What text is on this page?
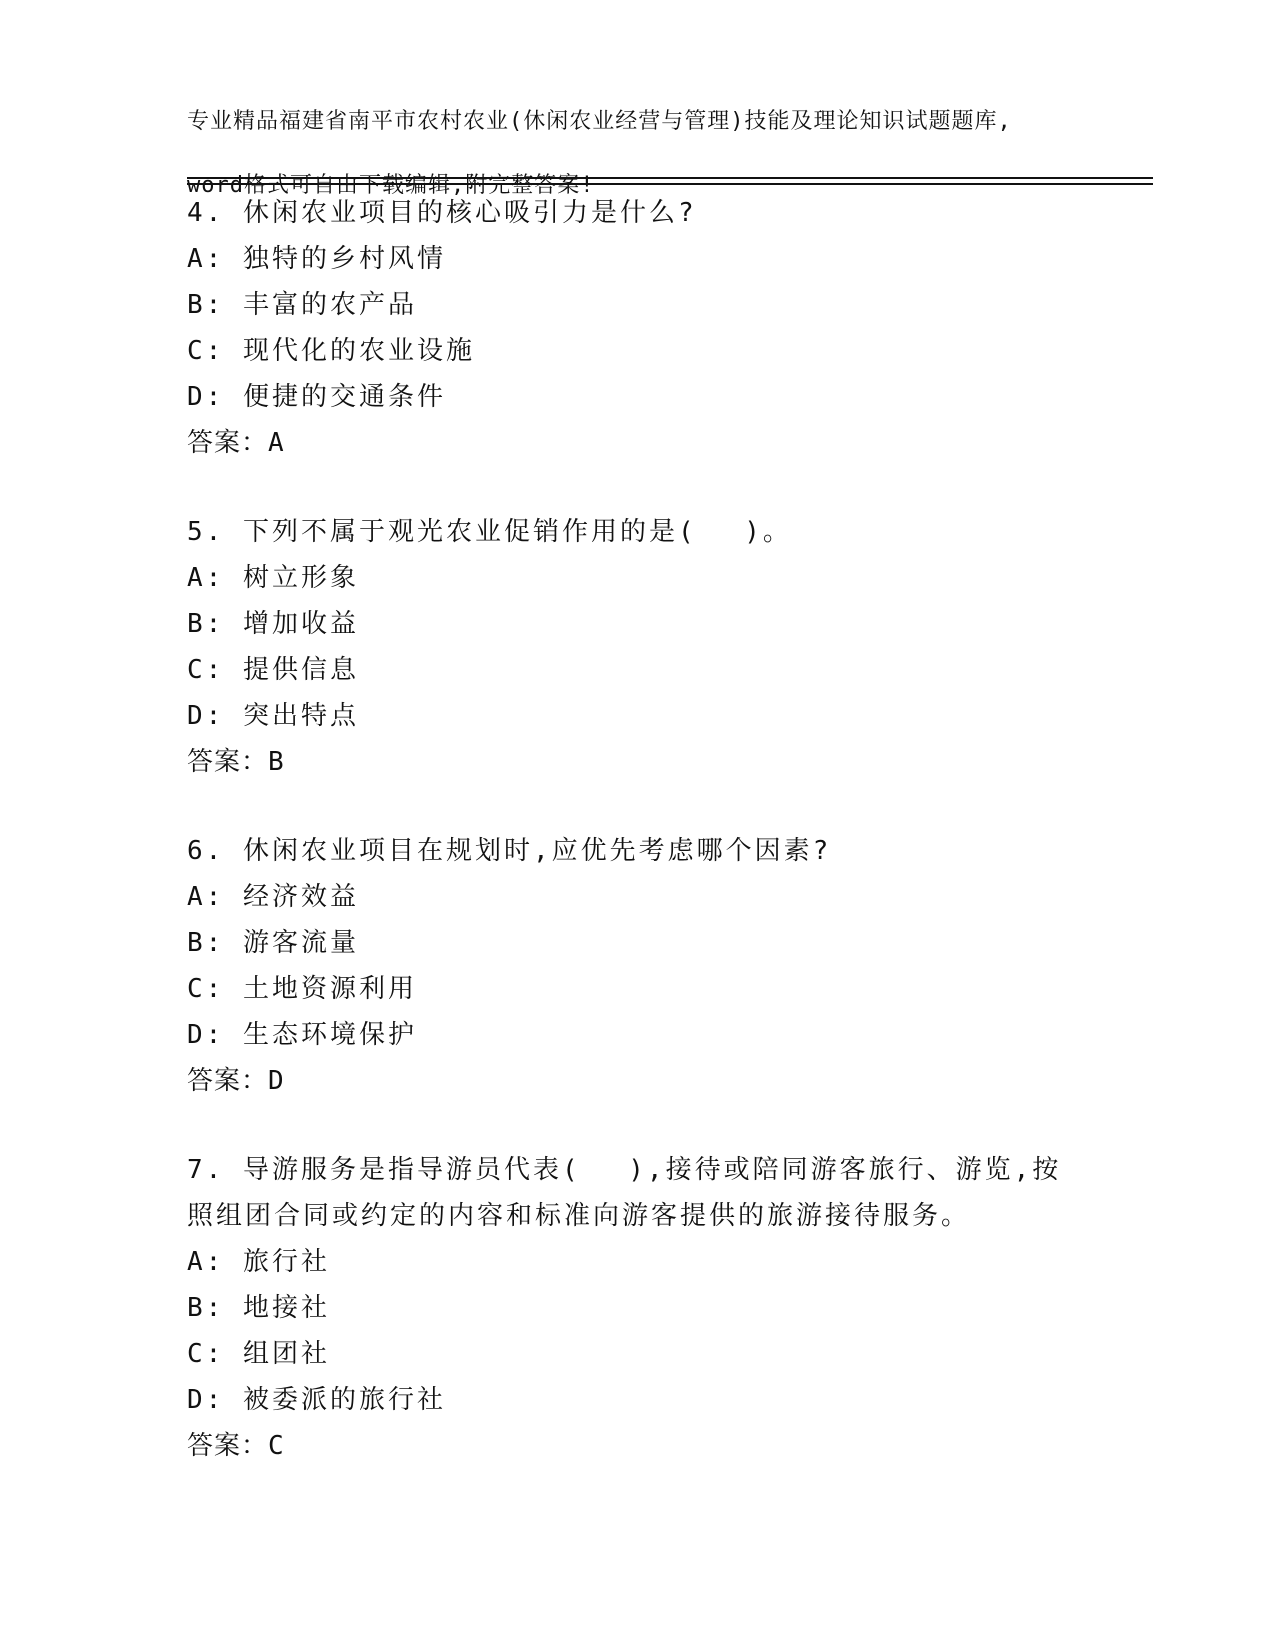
专业精品福建省南平市农村农业(休闲农业经营与管理)技能及理论知识试题题库,

word格式可自由下载编辑,附完整答案!

4. 休闲农业项目的核心吸引力是什么?
A: 独特的乡村风情
B: 丰富的农产品
C: 现代化的农业设施
D: 便捷的交通条件
答案：A
5. 下列不属于观光农业促销作用的是(　 )。
A: 树立形象
B: 增加收益
C: 提供信息
D: 突出特点
答案：B
6. 休闲农业项目在规划时,应优先考虑哪个因素?
A: 经济效益
B: 游客流量
C: 土地资源利用
D: 生态环境保护
答案：D
7. 导游服务是指导游员代表(　 ),接待或陪同游客旅行、游览,按照组团合同或约定的内容和标准向游客提供的旅游接待服务。
A: 旅行社
B: 地接社
C: 组团社
D: 被委派的旅行社
答案：C
